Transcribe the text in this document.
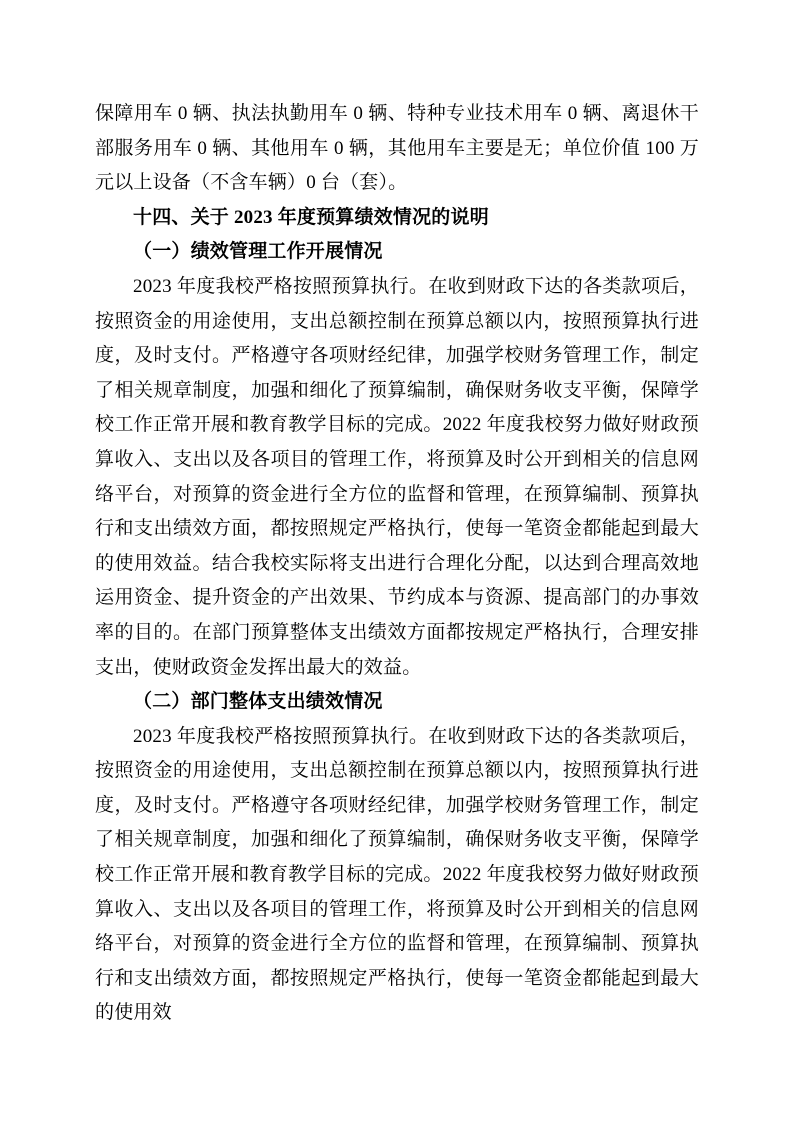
保障用车 0 辆、执法执勤用车 0 辆、特种专业技术用车 0 辆、离退休干部服务用车 0 辆、其他用车 0 辆，其他用车主要是无；单位价值 100 万元以上设备（不含车辆）0 台（套）。

十四、关于 2023 年度预算绩效情况的说明

（一）绩效管理工作开展情况

2023 年度我校严格按照预算执行。在收到财政下达的各类款项后，按照资金的用途使用，支出总额控制在预算总额以内，按照预算执行进度，及时支付。严格遵守各项财经纪律，加强学校财务管理工作，制定了相关规章制度，加强和细化了预算编制，确保财务收支平衡，保障学校工作正常开展和教育教学目标的完成。2022 年度我校努力做好财政预算收入、支出以及各项目的管理工作，将预算及时公开到相关的信息网络平台，对预算的资金进行全方位的监督和管理，在预算编制、预算执行和支出绩效方面，都按照规定严格执行，使每一笔资金都能起到最大的使用效益。结合我校实际将支出进行合理化分配，以达到合理高效地运用资金、提升资金的产出效果、节约成本与资源、提高部门的办事效率的目的。在部门预算整体支出绩效方面都按规定严格执行，合理安排支出，使财政资金发挥出最大的效益。

（二）部门整体支出绩效情况

2023 年度我校严格按照预算执行。在收到财政下达的各类款项后，按照资金的用途使用，支出总额控制在预算总额以内，按照预算执行进度，及时支付。严格遵守各项财经纪律，加强学校财务管理工作，制定了相关规章制度，加强和细化了预算编制，确保财务收支平衡，保障学校工作正常开展和教育教学目标的完成。2022 年度我校努力做好财政预算收入、支出以及各项目的管理工作，将预算及时公开到相关的信息网络平台，对预算的资金进行全方位的监督和管理，在预算编制、预算执行和支出绩效方面，都按照规定严格执行，使每一笔资金都能起到最大的使用效
